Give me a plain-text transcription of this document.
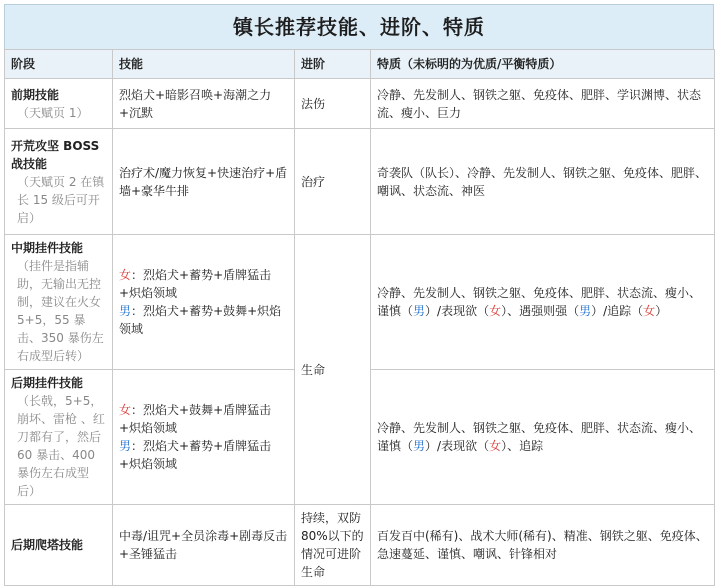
镇长推荐技能、进阶、特质
阶段	技能	进阶	特质（未标明的为优质/平衡特质）

前期技能
（天赋页 1）	烈焰犬+暗影召唤+海潮之力+沉默	法伤	冷静、先发制人、钢铁之躯、免疫体、肥胖、学识渊博、状态流、瘦小、巨力

开荒攻坚 BOSS 战技能
（天赋页 2 在镇长 15 级后可开启）	治疗术/魔力恢复+快速治疗+盾墙+豪华牛排	治疗	奇袭队（队长）、冷静、先发制人、钢铁之躯、免疫体、肥胖、嘲讽、状态流、神医

中期挂件技能
（挂件是指辅助，无输出无控制，建议在火女 5+5，55 暴击、350 暴伤左右成型后转）	女：烈焰犬+蓄势+盾牌猛击+炽焰领域
男：烈焰犬+蓄势+鼓舞+炽焰领域	生命	冷静、先发制人、钢铁之躯、免疫体、肥胖、状态流、瘦小、谨慎（男）/表现欲（女）、遇强则强（男）/追踪（女）

后期挂件技能
（长戟，5+5，崩坏、雷枪 、红刀都有了，然后 60 暴击、400 暴伤左右成型后）	女：烈焰犬+鼓舞+盾牌猛击+炽焰领域
男：烈焰犬+蓄势+盾牌猛击+炽焰领域		冷静、先发制人、钢铁之躯、免疫体、肥胖、状态流、瘦小、谨慎（男）/表现欲（女）、追踪

后期爬塔技能	中毒/诅咒+全员涂毒+剧毒反击+圣锤猛击	持续，双防 80%以下的情况可进阶生命	百发百中(稀有)、战术大师(稀有)、精准、钢铁之躯、免疫体、急速蔓延、谨慎、嘲讽、针锋相对
